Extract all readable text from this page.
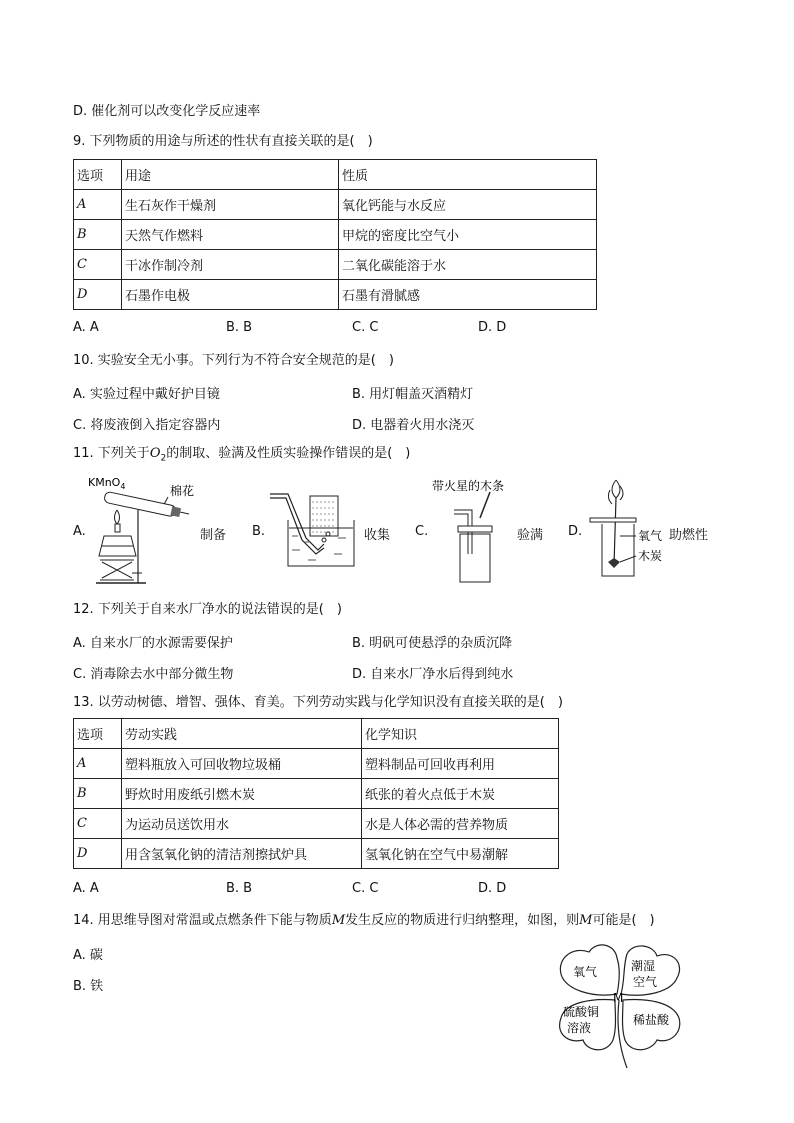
D. 催化剂可以改变化学反应速率
9. 下列物质的用途与所述的性状有直接关联的是(　)
选项	用途	性质
A	生石灰作干燥剂	氧化钙能与水反应
B	天然气作燃料	甲烷的密度比空气小
C	干冰作制冷剂	二氧化碳能溶于水
D	石墨作电极	石墨有滑腻感
A. A	B. B	C. C	D. D
10. 实验安全无小事。下列行为不符合安全规范的是(　)
A. 实验过程中戴好护目镜	B. 用灯帽盖灭酒精灯
C. 将废液倒入指定容器内	D. 电器着火用水浇灭
11. 下列关于$O_2$的制取、验满及性质实验操作错误的是(　)
A.	制备 B.	收集 C.	验满 D.	助燃性
KMnO$_4$	棉花	带火星的木条
氧气
木炭
12. 下列关于自来水厂净水的说法错误的是(　)
A. 自来水厂的水源需要保护	B. 明矾可使悬浮的杂质沉降
C. 消毒除去水中部分微生物	D. 自来水厂净水后得到纯水
13. 以劳动树德、增智、强体、育美。下列劳动实践与化学知识没有直接关联的是(　)
选项	劳动实践	化学知识
A	塑料瓶放入可回收物垃圾桶	塑料制品可回收再利用
B	野炊时用废纸引燃木炭	纸张的着火点低于木炭
C	为运动员送饮用水	水是人体必需的营养物质
D	用含氢氧化钠的清洁剂擦拭炉具	氢氧化钠在空气中易潮解
A. A	B. B	C. C	D. D
14. 用思维导图对常温或点燃条件下能与物质M发生反应的物质进行归纳整理，如图，则M可能是(　)
A. 碳
B. 铁
氧气	潮湿
空气
M
硫酸铜
溶液
稀盐酸
